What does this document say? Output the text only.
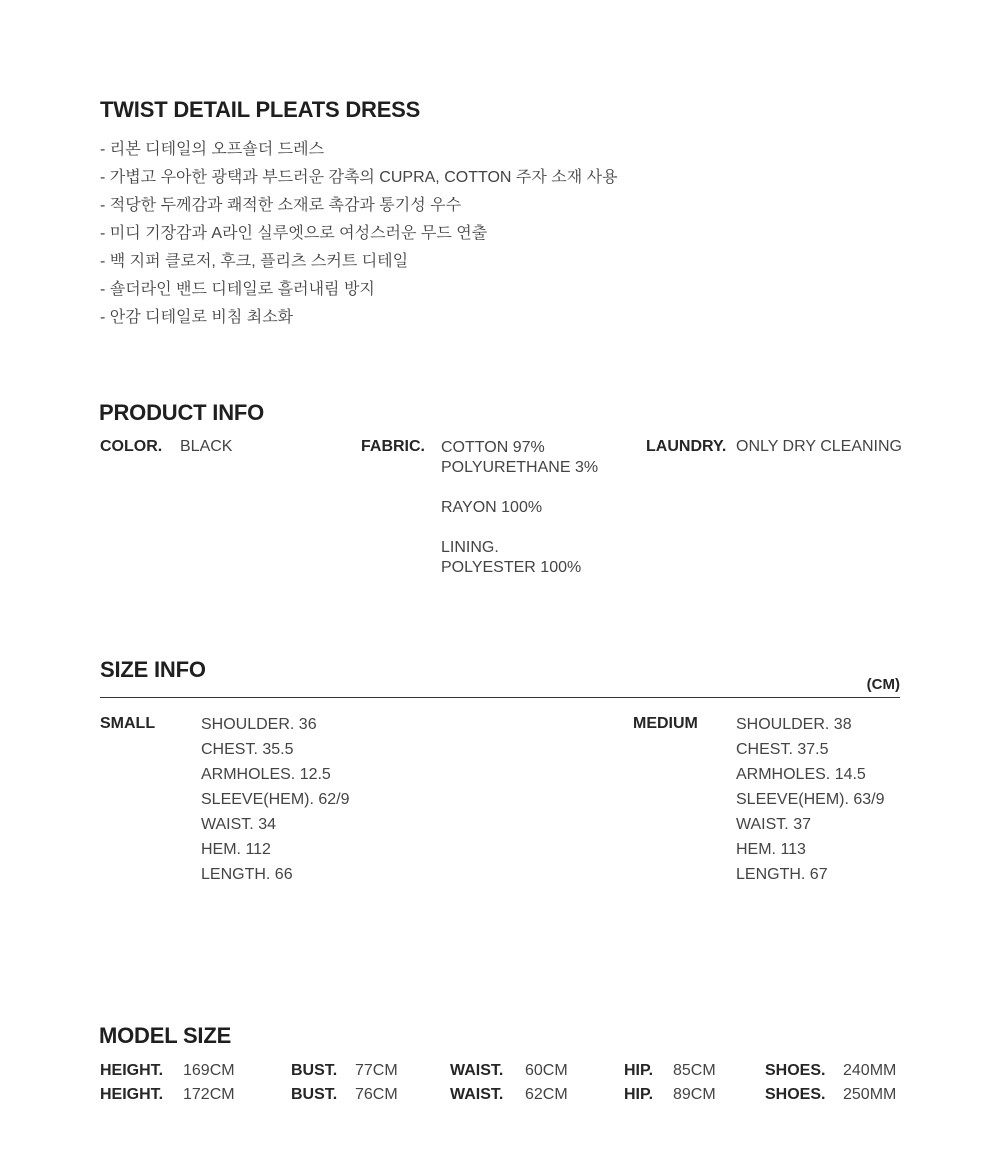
TWIST DETAIL PLEATS DRESS
- 리본 디테일의 오프숄더 드레스
- 가볍고 우아한 광택과 부드러운 감촉의 CUPRA, COTTON 주자 소재 사용
- 적당한 두께감과 쾌적한 소재로 촉감과 통기성 우수
- 미디 기장감과 A라인 실루엣으로 여성스러운 무드 연출
- 백 지퍼 클로저, 후크, 플리츠 스커트 디테일
- 숄더라인 밴드 디테일로 흘러내림 방지
- 안감 디테일로 비침 최소화
PRODUCT INFO
COLOR. BLACK	FABRIC. COTTON 97%
POLYURETHANE 3%
RAYON 100%
LINING.
POLYESTER 100%
LAUNDRY. ONLY DRY CLEANING
SIZE INFO
(CM)
SMALL	SHOULDER. 36
CHEST. 35.5
ARMHOLES. 12.5
SLEEVE(HEM). 62/9
WAIST. 34
HEM. 112
LENGTH. 66
MEDIUM SHOULDER. 38
CHEST. 37.5
ARMHOLES. 14.5
SLEEVE(HEM). 63/9
WAIST. 37
HEM. 113
LENGTH. 67
MODEL SIZE
HEIGHT. 169CM	BUST. 77CM	WAIST. 60CM	HIP. 85CM	SHOES. 240MM
HEIGHT. 172CM	BUST. 76CM	WAIST. 62CM	HIP. 89CM	SHOES. 250MM
